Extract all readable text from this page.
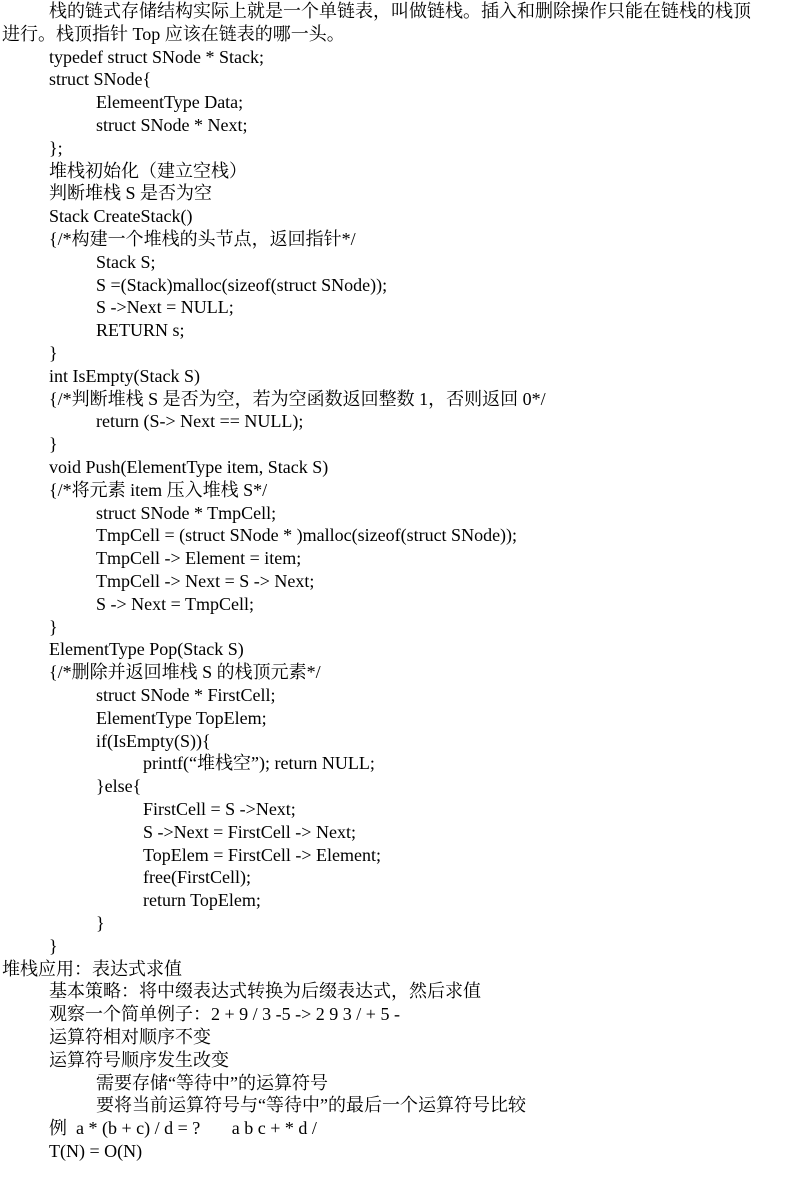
栈的链式存储结构实际上就是一个单链表，叫做链栈。插入和删除操作只能在链栈的栈顶
进行。栈顶指针 Top 应该在链表的哪一头。
typedef struct SNode * Stack;
struct SNode{
ElemeentType Data;
struct SNode * Next;
};
堆栈初始化（建立空栈）
判断堆栈 S 是否为空
Stack CreateStack()
{/*构建一个堆栈的头节点，返回指针*/
Stack S;
S =(Stack)malloc(sizeof(struct SNode));
S ->Next = NULL;
RETURN s;
}
int IsEmpty(Stack S)
{/*判断堆栈 S 是否为空，若为空函数返回整数 1，否则返回 0*/
return (S-> Next == NULL);
}
void Push(ElementType item, Stack S)
{/*将元素 item 压入堆栈 S*/
struct SNode * TmpCell;
TmpCell = (struct SNode * )malloc(sizeof(struct SNode));
TmpCell -> Element = item;
TmpCell -> Next = S -> Next;
S -> Next = TmpCell;
}
ElementType Pop(Stack S)
{/*删除并返回堆栈 S 的栈顶元素*/
struct SNode * FirstCell;
ElementType TopElem;
if(IsEmpty(S)){
printf(“堆栈空”); return NULL;
}else{
FirstCell = S ->Next;
S ->Next = FirstCell -> Next;
TopElem = FirstCell -> Element;
free(FirstCell);
return TopElem;
}
}
堆栈应用：表达式求值
基本策略：将中缀表达式转换为后缀表达式，然后求值
观察一个简单例子：2 + 9 / 3 -5 -> 2 9 3 / + 5 -
运算符相对顺序不变
运算符号顺序发生改变
需要存储“等待中”的运算符号
要将当前运算符号与“等待中”的最后一个运算符号比较
例  a * (b + c) / d = ?       a b c + * d /
T(N) = O(N)
